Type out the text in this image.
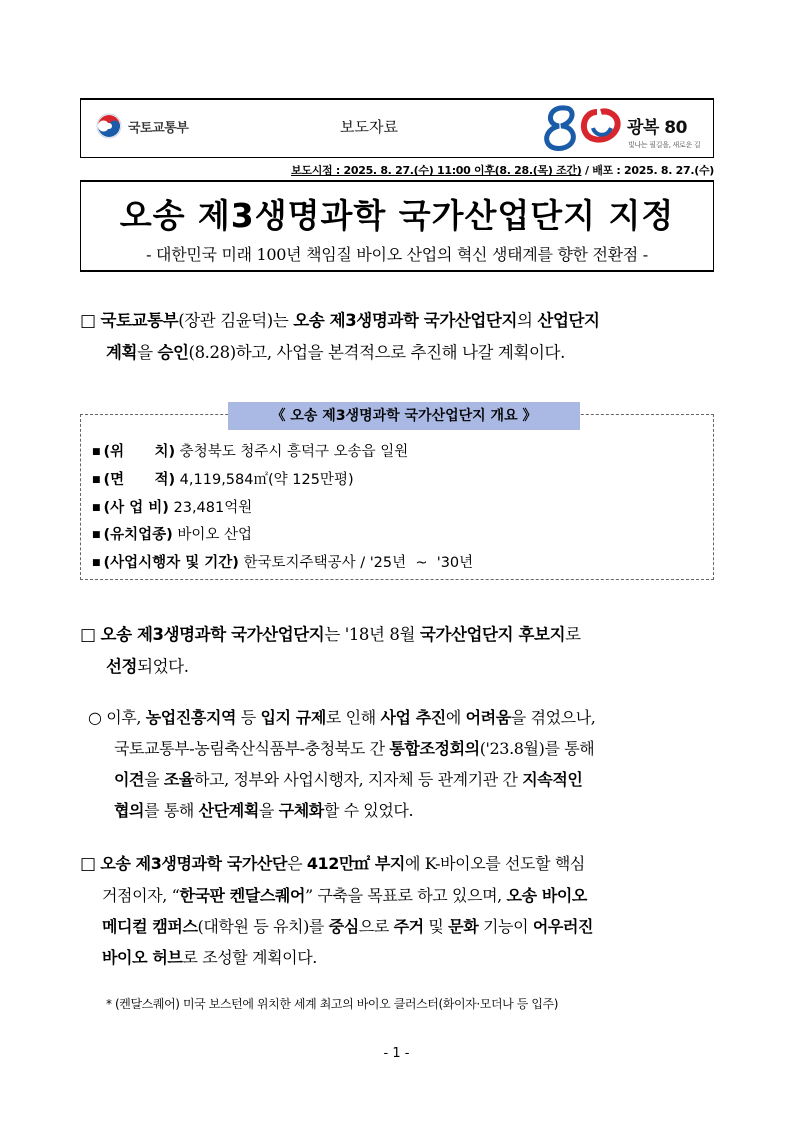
국토교통부	보도자료	광복 80
빛나는 필길을, 새로운 길
보도시점 : 2025. 8. 27.(수) 11:00 이후(8. 28.(목) 조간) / 배포 : 2025. 8. 27.(수)
오송 제3생명과학 국가산업단지 지정
- 대한민국 미래 100년 책임질 바이오 산업의 혁신 생태계를 향한 전환점 -
□ 국토교통부(장관 김윤덕)는 오송 제3생명과학 국가산업단지의 산업단지
계획을 승인(8.28)하고, 사업을 본격적으로 추진해 나갈 계획이다.
《 오송 제3생명과학 국가산업단지 개요 》
■ (위      치) 충청북도 청주시 흥덕구 오송읍 일원
■ (면      적) 4,119,584㎡(약 125만평)
■ (사 업 비) 23,481억원
■ (유치업종) 바이오 산업
■ (사업시행자 및 기간) 한국토지주택공사 / '25년  ~  '30년
□ 오송 제3생명과학 국가산업단지는 '18년 8월 국가산업단지 후보지로
선정되었다.
○ 이후, 농업진흥지역 등 입지 규제로 인해 사업 추진에 어려움을 겪었으나,
국토교통부-농림축산식품부-충청북도 간 통합조정회의('23.8월)를 통해
이견을 조율하고, 정부와 사업시행자, 지자체 등 관계기관 간 지속적인
협의를 통해 산단계획을 구체화할 수 있었다.
□ 오송 제3생명과학 국가산단은 412만㎡ 부지에 K-바이오를 선도할 핵심
거점이자, “한국판 켄달스퀘어” 구축을 목표로 하고 있으며, 오송 바이오
메디컬 캠퍼스(대학원 등 유치)를 중심으로 주거 및 문화 기능이 어우러진
바이오 허브로 조성할 계획이다.
* (켄달스퀘어) 미국 보스턴에 위치한 세계 최고의 바이오 클러스터(화이자·모더나 등 입주)
- 1 -
